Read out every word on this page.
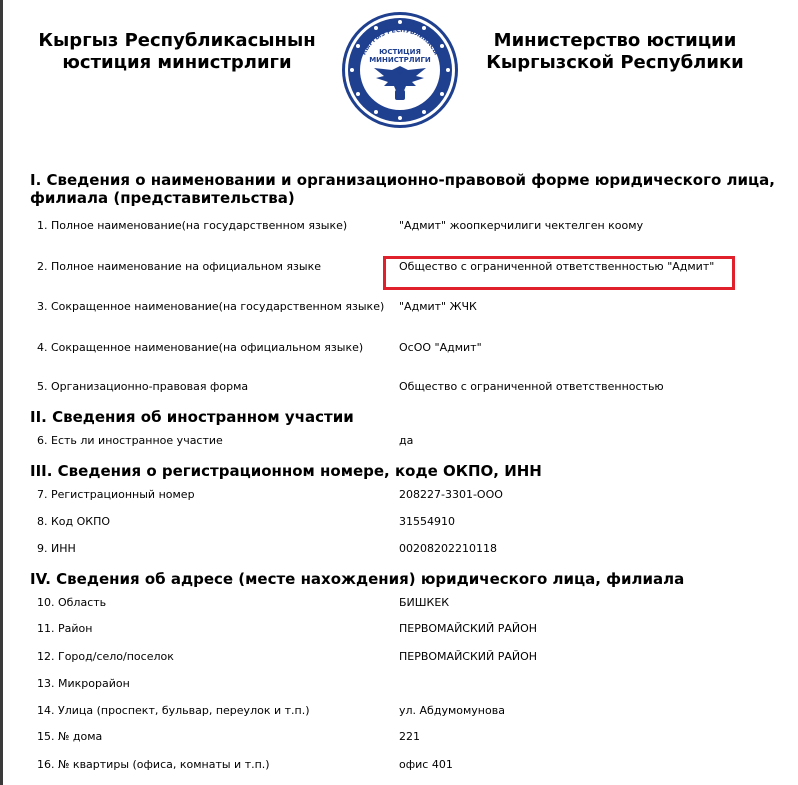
Кыргыз Республикасынын
юстиция министрлиги	КЫРГЫЗ РЕСПУБЛИКАСЫ
ЮСТИЦИЯ
МИНИСТРЛИГИ
Министерство юстиции
Кыргызской Республики
I. Сведения о наименовании и организационно-правовой форме юридического лица, филиала (представительства)
1. Полное наименование(на государственном языке)	"Адмит" жоопкерчилиги чектелген коому
2. Полное наименование на официальном языке	Общество с ограниченной ответственностью "Адмит"
3. Сокращенное наименование(на государственном языке) "Адмит" ЖЧК
4. Сокращенное наименование(на официальном языке)	ОсОО "Адмит"
5. Организационно-правовая форма	Общество с ограниченной ответственностью
II. Сведения об иностранном участии
6. Есть ли иностранное участие	да
III. Сведения о регистрационном номере, коде ОКПО, ИНН
7. Регистрационный номер	208227-3301-ООО
8. Код ОКПО	31554910
9. ИНН	00208202210118
IV. Сведения об адресе (месте нахождения) юридического лица, филиала
10. Область	БИШКЕК
11. Район	ПЕРВОМАЙСКИЙ РАЙОН
12. Город/село/поселок	ПЕРВОМАЙСКИЙ РАЙОН
13. Микрорайон
14. Улица (проспект, бульвар, переулок и т.п.)	ул. Абдумомунова
15. № дома	221
16. № квартиры (офиса, комнаты и т.п.)	офис 401
